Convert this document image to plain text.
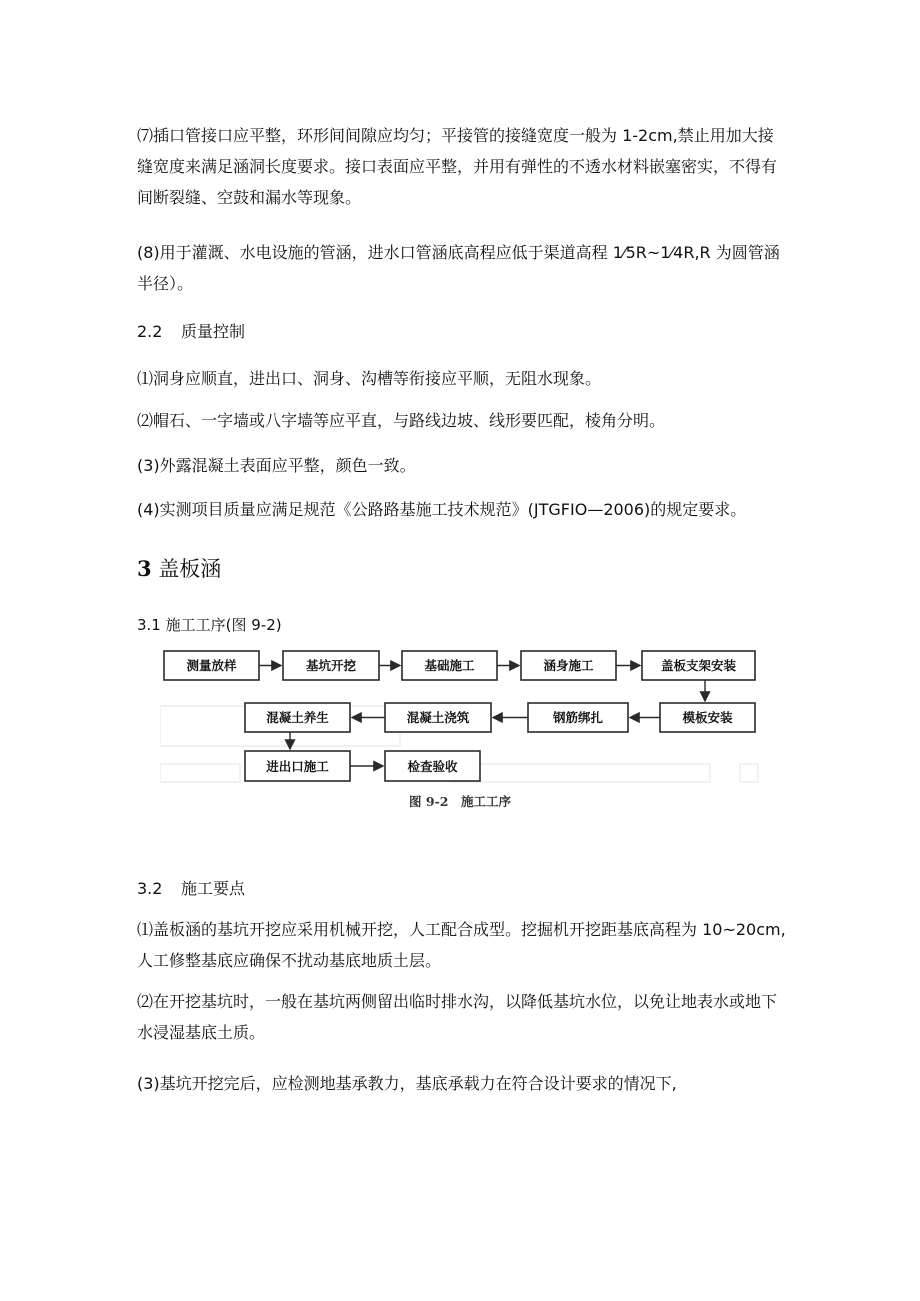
⑺插口管接口应平整，环形间间隙应均匀；平接管的接缝宽度一般为 1-2cm,禁止用加大接缝宽度来满足涵洞长度要求。接口表面应平整，并用有弹性的不透水材料嵌塞密实，不得有间断裂缝、空鼓和漏水等现象。

(8)用于灌溉、水电设施的管涵，进水口管涵底高程应低于渠道高程 1⁄5R~1⁄4R,R 为圆管涵半径）。

2.2 质量控制

⑴洞身应顺直，进出口、洞身、沟槽等衔接应平顺，无阻水现象。

⑵帽石、一字墙或八字墙等应平直，与路线边坡、线形要匹配，棱角分明。

(3)外露混凝土表面应平整，颜色一致。

(4)实测项目质量应满足规范《公路路基施工技术规范》(JTGFIO—2006)的规定要求。

3 盖板涵
3.1 施工工序(图 9-2)
测量放样	基坑开挖	基础施工	涵身施工	盖板支架安装
模板安装
钢筋绑扎
混凝土浇筑
混凝土养生
进出口施工	检查验收
图 9-2　施工工序
3.2 施工要点

⑴盖板涵的基坑开挖应采用机械开挖，人工配合成型。挖掘机开挖距基底高程为 10~20cm,人工修整基底应确保不扰动基底地质土层。

⑵在开挖基坑时，一般在基坑两侧留出临时排水沟，以降低基坑水位，以免让地表水或地下水浸湿基底土质。

(3)基坑开挖完后，应检测地基承教力，基底承载力在符合设计要求的情况下,
